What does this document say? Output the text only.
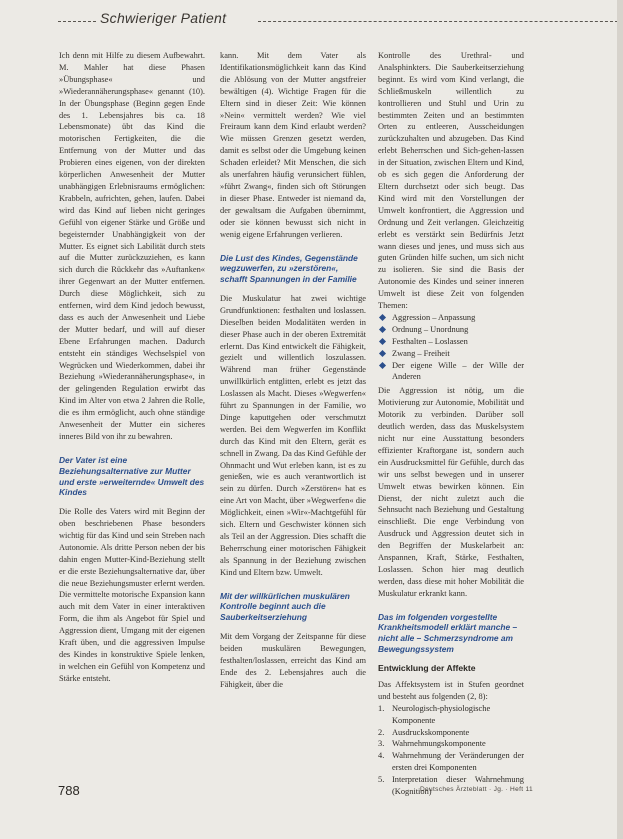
Schwieriger Patient

Ich denn mit Hilfe zu diesem Aufbewahrt. M. Mahler hat diese Phasen »Übungsphase« und »Wiederannäherungsphase« genannt (10). In der Übungsphase (Beginn gegen Ende des 1. Lebensjahres bis ca. 18 Lebensmonate) übt das Kind die motorischen Fertigkeiten, die die Entfernung von der Mutter und das Probieren eines eigenen, von der direkten körperlichen Anwesenheit der Mutter unabhängigen Erlebnisraums ermöglichen: Krabbeln, aufrichten, gehen, laufen. Dabei wird das Kind auf lieben nicht geringes Gefühl von eigener Stärke und Größe und begeisternder Unabhängigkeit von der Mutter. Es eignet sich Labilität durch stets auf die Mutter zurückzuziehen, es kann sich durch die Rückkehr das »Auftanken« ihrer Gegenwart an der Mutter entfernen. Durch diese Möglichkeit, sich zu entfernen, wird dem Kind jedoch bewusst, dass es auch der Anwesenheit und Liebe der Mutter bedarf, und will auf dieser Ebene Erfahrungen machen. Dadurch entsteht ein ständiges Wechselspiel von Wegrücken und Wiederkommen, dabei ihr Beziehung »Wiederannäherungsphase«, in der gelingenden Regulation erwirbt das Kind im Alter von etwa 2 Jahren die Rolle, die es ihm ermöglicht, auch ohne ständige Anwesenheit der Mutter ein sicheres inneres Bild von ihr zu bewahren.

Der Vater ist eine Beziehungsalternative zur Mutter und erste »erweiternde« Umwelt des Kindes

Die Rolle des Vaters wird mit Beginn der oben beschriebenen Phase besonders wichtig für das Kind und sein Streben nach Autonomie. Als dritte Person neben der bis dahin engen Mutter-Kind-Beziehung stellt er die erste Beziehungsalternative dar, über die neue Beziehungsmuster erlernt werden. Die vermittelte motorische Expansion kann auch mit dem Vater in einer interaktiven Form, die ihm als Angebot für Spiel und Aggression dient, Umgang mit der eigenen Kraft üben, und die aggressiven Impulse des Kindes in konstruktive Spiele lenken, in welchen ein Gefühl von Kompetenz und Stärke entsteht.

kann. Mit dem Vater als Identifikationsmöglichkeit kann das Kind die Ablösung von der Mutter angstfreier bewältigen (4). Wichtige Fragen für die Eltern sind in dieser Zeit: Wie können »Nein« vermittelt werden? Wie viel Freiraum kann dem Kind erlaubt werden? Wie müssen Grenzen gesetzt werden, damit es selbst oder die Umgebung keinen Schaden erleidet? Mit Menschen, die sich als unerfahren häufig verunsichert fühlen, »führt Zwang«, finden sich oft Störungen in dieser Phase. Entweder ist niemand da, der gewaltsam die Aufgaben übernimmt, oder sie können bewusst sich nicht in wenig eigene Erfahrungen verlieren.

Die Lust des Kindes, Gegenstände wegzuwerfen, zu »zerstören«, schafft Spannungen in der Familie

Die Muskulatur hat zwei wichtige Grundfunktionen: festhalten und loslassen. Dieselben beiden Modalitäten werden in dieser Phase auch in der oberen Extremität erlernt. Das Kind entwickelt die Fähigkeit, gezielt und willentlich loszulassen. Während man früher Gegenstände unwillkürlich entglitten, erlebt es jetzt das Loslassen als Macht. Dieses »Wegwerfen« führt zu Spannungen in der Familie, wo Dinge kaputtgehen oder verschmutzt werden. Bei dem Wegwerfen im Konflikt durch das Kind mit den Eltern, gerät es schnell in Zwang. Da das Kind Gefühle der Ohnmacht und Wut erleben kann, ist es zu genießen, wie es auch verantwortlich ist sein zu dürfen. Durch »Zerstören« hat es eine Art von Macht, über »Wegwerfen« die Möglichkeit, einen »Wir«-Machtgefühl für sich. Eltern und Geschwister können sich als Teil an der Aggression. Dies schafft die Beherrschung einer motorischen Fähigkeit als Spannung in der Beziehung zwischen Kind und Eltern bzw. Umwelt.

Mit der willkürlichen muskulären Kontrolle beginnt auch die Sauberkeitserziehung

Mit dem Vorgang der Zeitspanne für diese beiden muskulären Bewegungen, festhalten/loslassen, erreicht das Kind am Ende des 2. Lebensjahres auch die Fähigkeit, über die

Kontrolle des Urethral- und Analsphinkters. Die Sauberkeitserziehung beginnt. Es wird vom Kind verlangt, die Schließmuskeln willentlich zu kontrollieren und Stuhl und Urin zu bestimmten Zeiten und an bestimmten Orten zu entleeren, Ausscheidungen zurückzuhalten und abzugeben. Das Kind erlebt Beherrschen und Sich-gehen-lassen in der Situation, zwischen Eltern und Kind, ob es sich gegen die Anforderung der Eltern durchsetzt oder sich beugt. Das Kind wird mit den Vorstellungen der Umwelt konfrontiert, die Aggression und Ordnung und Zeit verlangen. Gleichzeitig erlebt es verstärkt sein Bedürfnis Jetzt wann dieses und jenes, und muss sich aus guten Gründen hilfe suchen, um sich nicht zu isolieren. Sie sind die Basis der Autonomie des Kindes und seiner inneren Umwelt ist diese Zeit von folgenden Themen:

Aggression – Anpassung
Ordnung – Unordnung
Festhalten – Loslassen
Zwang – Freiheit
Der eigene Wille – der Wille der Anderen

Die Aggression ist nötig, um die Motivierung zur Autonomie, Mobilität und Motorik zu verbinden. Darüber soll deutlich werden, dass das Muskelsystem nicht nur eine Ausstattung besonders effizienter Kraftorgane ist, sondern auch ein Ausdrucksmittel für Gefühle, durch das wir uns selbst bewegen und in unserer Umwelt etwas bewirken können. Ein Dienst, der nicht zuletzt auch die Sehnsucht nach Beziehung und Gestaltung einschließt. Die enge Verbindung von Ausdruck und Aggression deutet sich in den Begriffen der Muskelarbeit an: Anspannen, Kraft, Stärke, Festhalten, Loslassen. Schon hier mag deutlich werden, dass diese mit hoher Mobilität die Muskulatur erkrankt kann.

Das im folgenden vorgestellte Krankheitsmodell erklärt manche – nicht alle – Schmerzsyndrome am Bewegungssystem
Entwicklung der Affekte

Das Affektsystem ist in Stufen geordnet und besteht aus folgenden (2, 8):

1. Neurologisch-physiologische Komponente
2. Ausdruckskomponente
3. Wahrnehmungskomponente
4. Wahrnehmung der Veränderungen der ersten drei Komponenten
5. Interpretation dieser Wahrnehmung (Kognition)
788	Deutsches Ärzteblatt · Jg. · Heft 11
